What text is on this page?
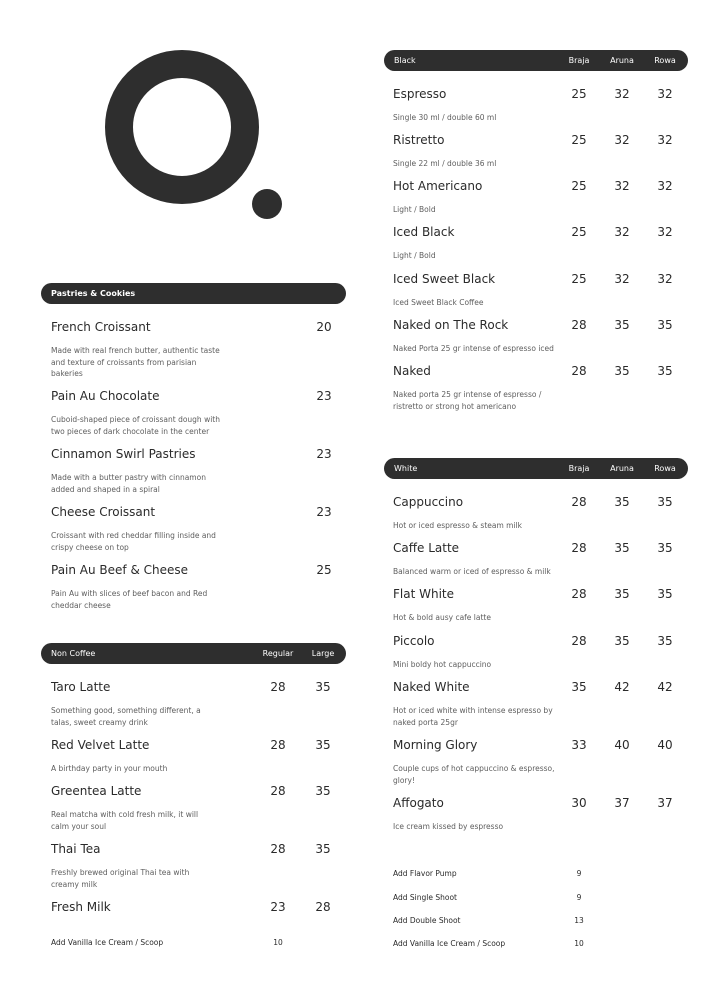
Pastries & Cookies
French Croissant	20
Made with real french butter, authentic taste and texture of croissants from parisian bakeries
Pain Au Chocolate	23
Cuboid-shaped piece of croissant dough with two pieces of dark chocolate in the center
Cinnamon Swirl Pastries	23
Made with a butter pastry with cinnamon added and shaped in a spiral
Cheese Croissant	23
Croissant with red cheddar filling inside and crispy cheese on top
Pain Au Beef & Cheese	25
Pain Au with slices of beef bacon and Red cheddar cheese
Non Coffee	Regular	Large
Taro Latte	28	35
Something good, something different, a talas, sweet creamy drink
Red Velvet Latte	28	35
A birthday party in your mouth
Greentea Latte	28	35
Real matcha with cold fresh milk, it will calm your soul
Thai Tea	28	35
Freshly brewed original Thai tea with creamy milk
Fresh Milk	23	28
Add Vanilla Ice Cream / Scoop	10
Black	Braja	Aruna	Rowa
Espresso	25	32	32
Single 30 ml / double 60 ml
Ristretto	25	32	32
Single 22 ml / double 36 ml
Hot Americano	25	32	32
Light / Bold
Iced Black	25	32	32
Light / Bold
Iced Sweet Black	25	32	32
Iced Sweet Black Coffee
Naked on The Rock	28	35	35
Naked Porta 25 gr intense of espresso iced
Naked	28	35	35
Naked porta 25 gr intense of espresso / ristretto or strong hot americano
White	Braja	Aruna	Rowa
Cappuccino	28	35	35
Hot or iced espresso & steam milk
Caffe Latte	28	35	35
Balanced warm or iced of espresso & milk
Flat White	28	35	35
Hot & bold ausy cafe latte
Piccolo	28	35	35
Mini boldy hot cappuccino
Naked White	35	42	42
Hot or iced white with intense espresso by naked porta 25gr
Morning Glory	33	40	40
Couple cups of hot cappuccino & espresso, glory!
Affogato	30	37	37
Ice cream kissed by espresso
Add Flavor Pump	9
Add Single Shoot	9
Add Double Shoot	13
Add Vanilla Ice Cream / Scoop	10
